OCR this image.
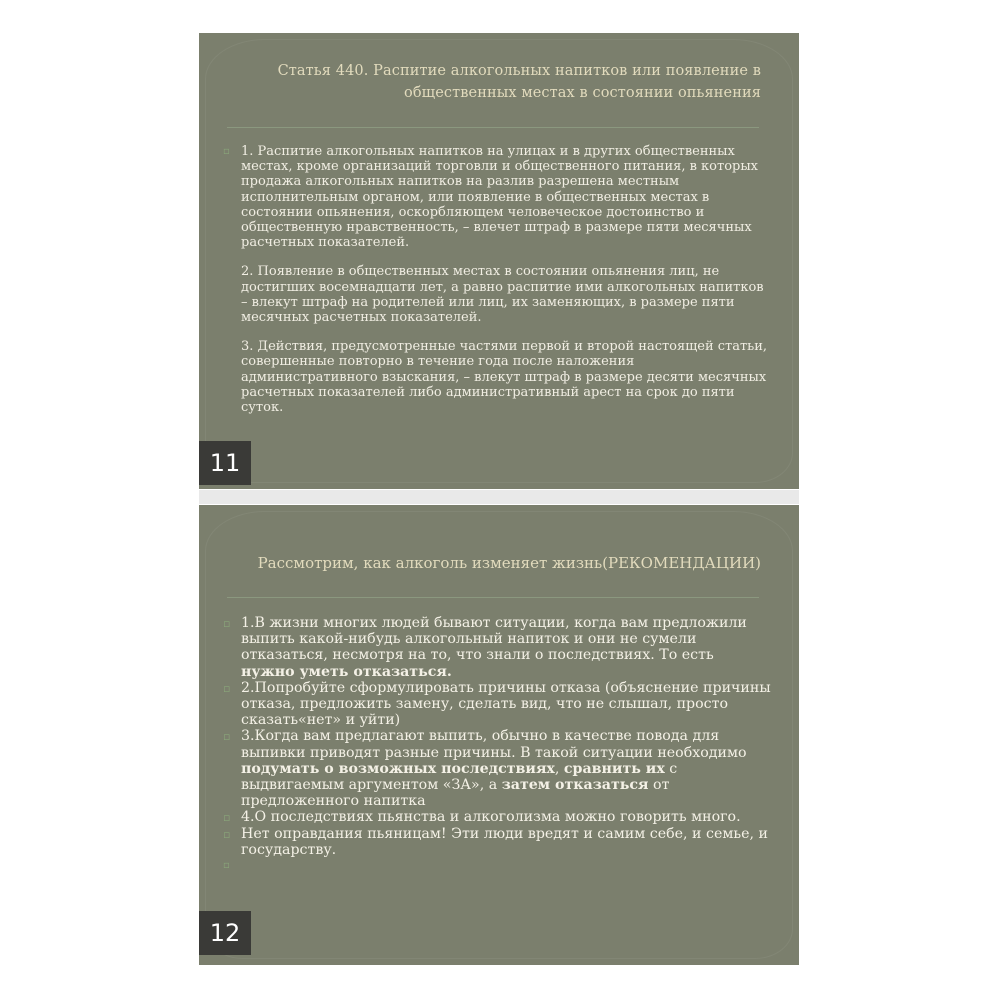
Статья 440. Распитие алкогольных напитков или появление в
общественных местах в состоянии опьянения

▫ 1. Распитие алкогольных напитков на улицах и в других общественных местах, кроме организаций торговли и общественного питания, в которых продажа алкогольных напитков на разлив разрешена местным исполнительным органом, или появление в общественных местах в состоянии опьянения, оскорбляющем человеческое достоинство и общественную нравственность, – влечет штраф в размере пяти месячных расчетных показателей.

2. Появление в общественных местах в состоянии опьянения лиц, не достигших восемнадцати лет, а равно распитие ими алкогольных напитков – влекут штраф на родителей или лиц, их заменяющих, в размере пяти месячных расчетных показателей.

3. Действия, предусмотренные частями первой и второй настоящей статьи, совершенные повторно в течение года после наложения административного взыскания, – влекут штраф в размере десяти месячных расчетных показателей либо административный арест на срок до пяти суток.

11
Рассмотрим, как алкоголь изменяет жизнь(РЕКОМЕНДАЦИИ)
▫ 1.В жизни многих людей бывают ситуации, когда вам предложили выпить какой-нибудь алкогольный напиток и они не сумели отказаться, несмотря на то, что знали о последствиях. То есть нужно уметь отказаться.
▫ 2.Попробуйте сформулировать причины отказа (объяснение причины отказа, предложить замену, сделать вид, что не слышал, просто сказать«нет» и уйти)
▫ 3.Когда вам предлагают выпить, обычно в качестве повода для выпивки приводят разные причины. В такой ситуации необходимо подумать о возможных последствиях, сравнить их с выдвигаемым аргументом «ЗА», а затем отказаться от предложенного напитка
▫ 4.О последствиях пьянства и алкоголизма можно говорить много.
▫ Нет оправдания пьяницам! Эти люди вредят и самим себе, и семье, и государству.
▫
12
